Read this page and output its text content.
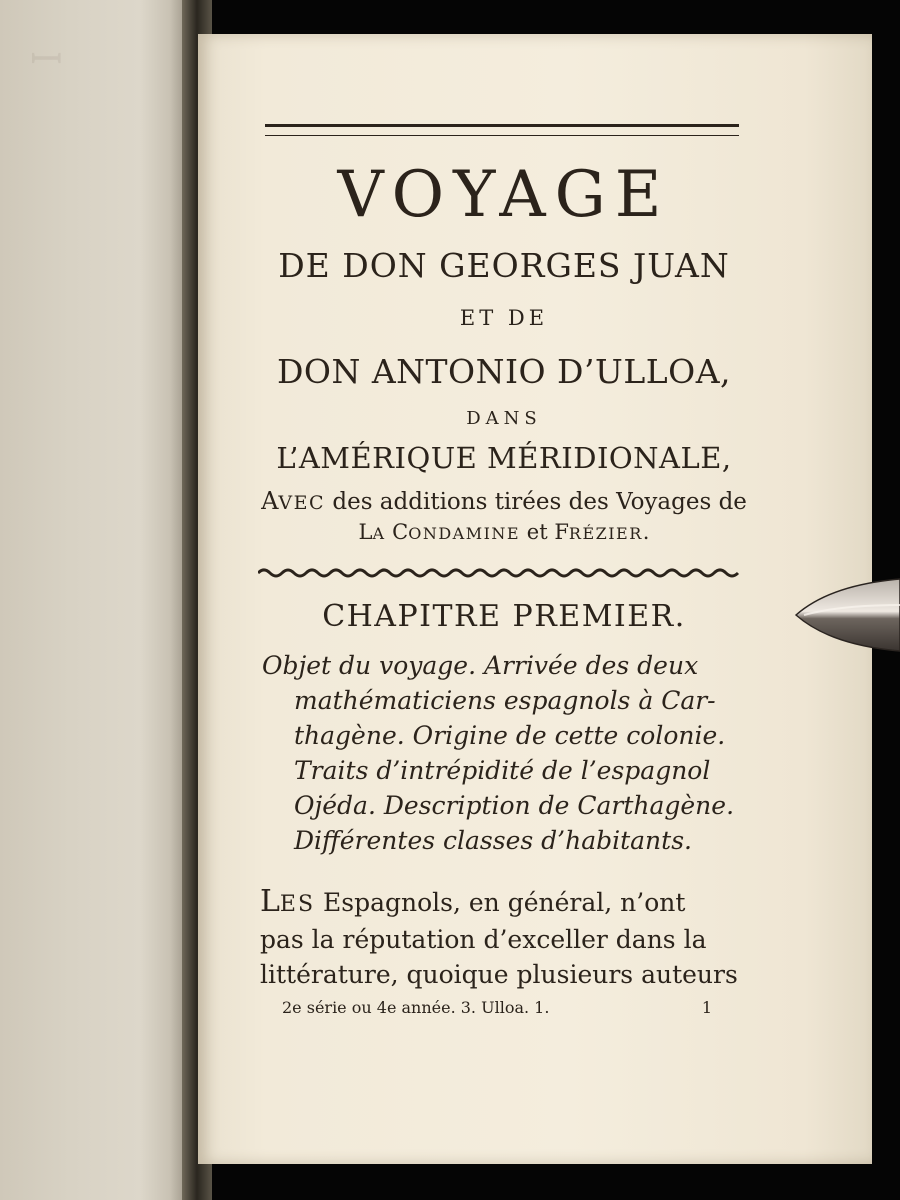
ꟷ
VOYAGE
DE DON GEORGES JUAN
ET DE
DON ANTONIO D’ULLOA,
DANS
L’AMÉRIQUE MÉRIDIONALE,
AVEC des additions tirées des Voyages de
LA CONDAMINE et FRÉZIER.
CHAPITRE PREMIER.
Objet du voyage. Arrivée des deux
mathématiciens espagnols à Car-
thagène. Origine de cette colonie.
Traits d’intrépidité de l’espagnol
Ojéda. Description de Carthagène.
Différentes classes d’habitants.
LES Espagnols, en général, n’ont
pas la réputation d’exceller dans la
littérature, quoique plusieurs auteurs
2e série ou 4e année. 3. Ulloa. 1.	1
